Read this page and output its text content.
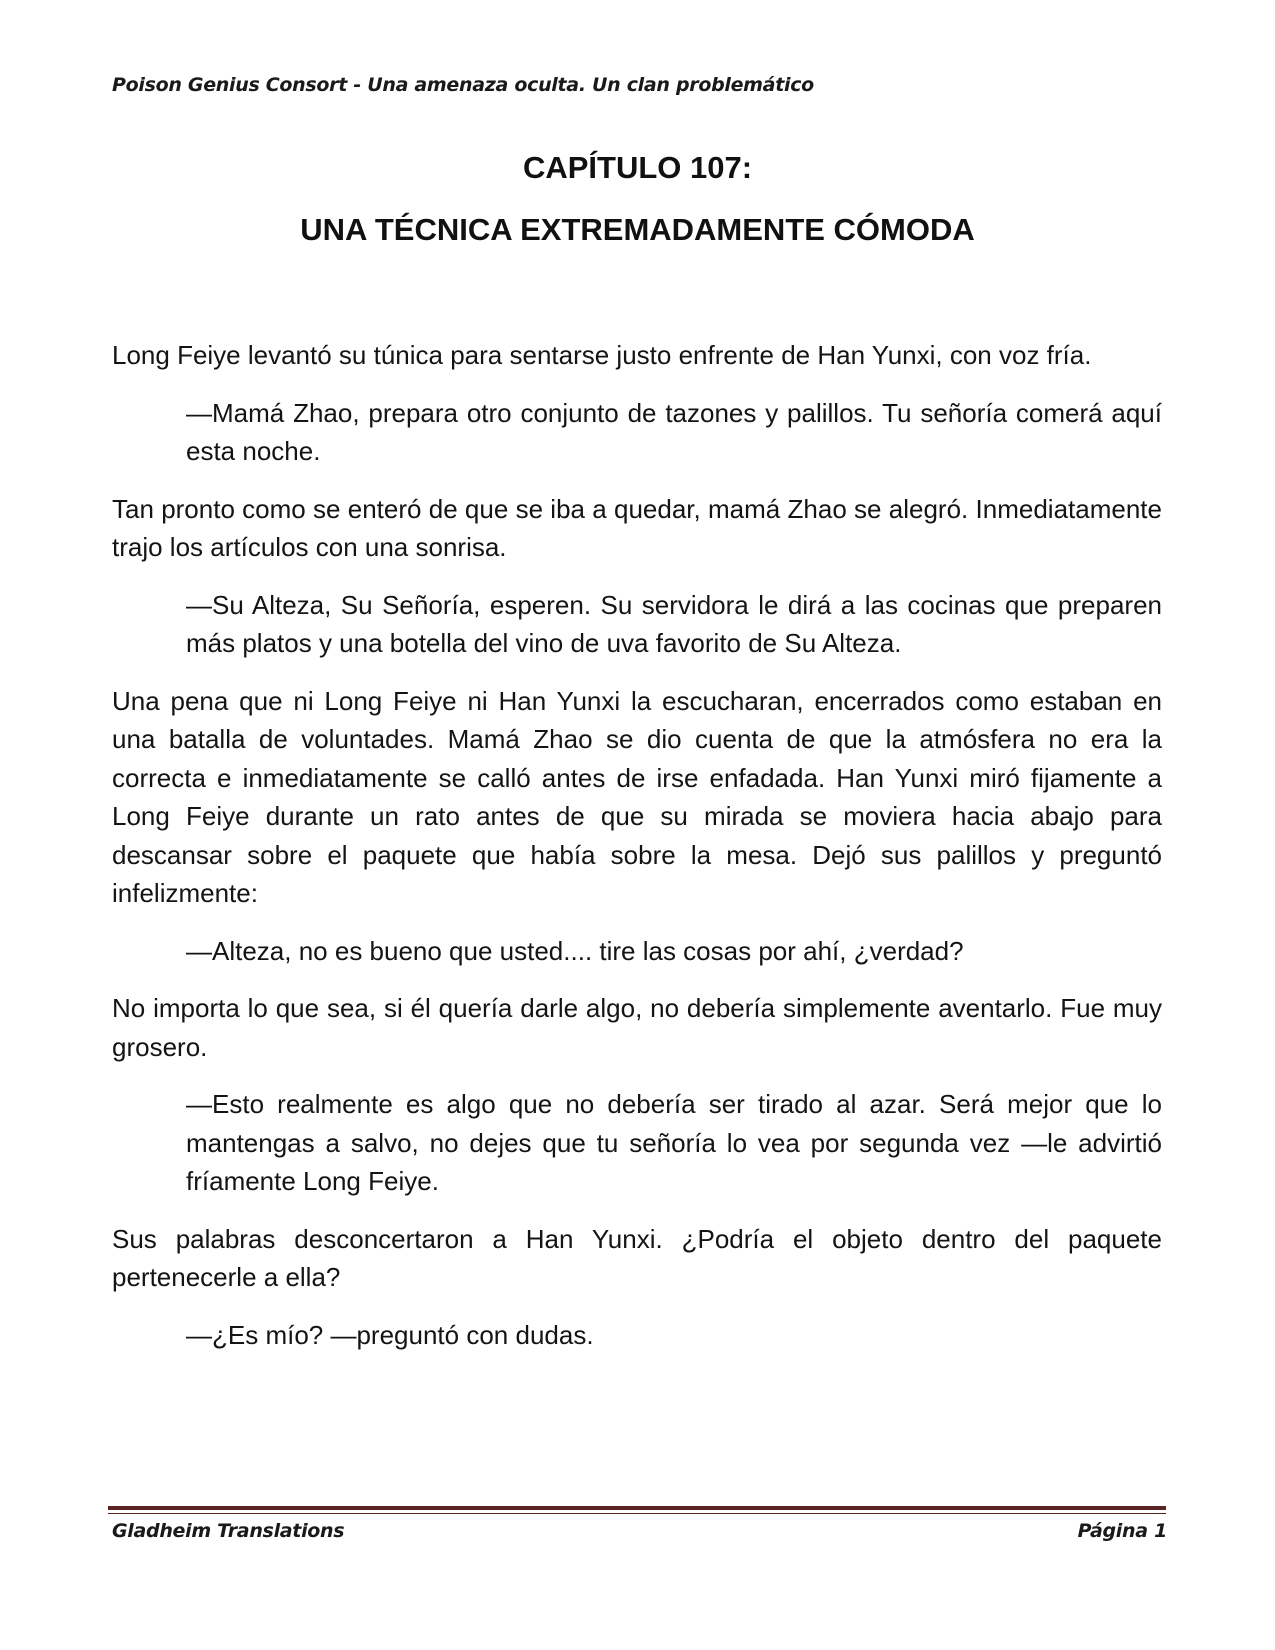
Poison Genius Consort - Una amenaza oculta. Un clan problemático
CAPÍTULO 107:
UNA TÉCNICA EXTREMADAMENTE CÓMODA

Long Feiye levantó su túnica para sentarse justo enfrente de Han Yunxi, con voz fría.

—Mamá Zhao, prepara otro conjunto de tazones y palillos. Tu señoría comerá aquí esta noche.

Tan pronto como se enteró de que se iba a quedar, mamá Zhao se alegró. Inmediatamente trajo los artículos con una sonrisa.

—Su Alteza, Su Señoría, esperen. Su servidora le dirá a las cocinas que preparen más platos y una botella del vino de uva favorito de Su Alteza.

Una pena que ni Long Feiye ni Han Yunxi la escucharan, encerrados como estaban en una batalla de voluntades. Mamá Zhao se dio cuenta de que la atmósfera no era la correcta e inmediatamente se calló antes de irse enfadada. Han Yunxi miró fijamente a Long Feiye durante un rato antes de que su mirada se moviera hacia abajo para descansar sobre el paquete que había sobre la mesa. Dejó sus palillos y preguntó infelizmente:

—Alteza, no es bueno que usted.... tire las cosas por ahí, ¿verdad?

No importa lo que sea, si él quería darle algo, no debería simplemente aventarlo. Fue muy grosero.

—Esto realmente es algo que no debería ser tirado al azar. Será mejor que lo mantengas a salvo, no dejes que tu señoría lo vea por segunda vez —le advirtió fríamente Long Feiye.

Sus palabras desconcertaron a Han Yunxi. ¿Podría el objeto dentro del paquete pertenecerle a ella?

—¿Es mío? —preguntó con dudas.

Gladheim Translations	Página 1
